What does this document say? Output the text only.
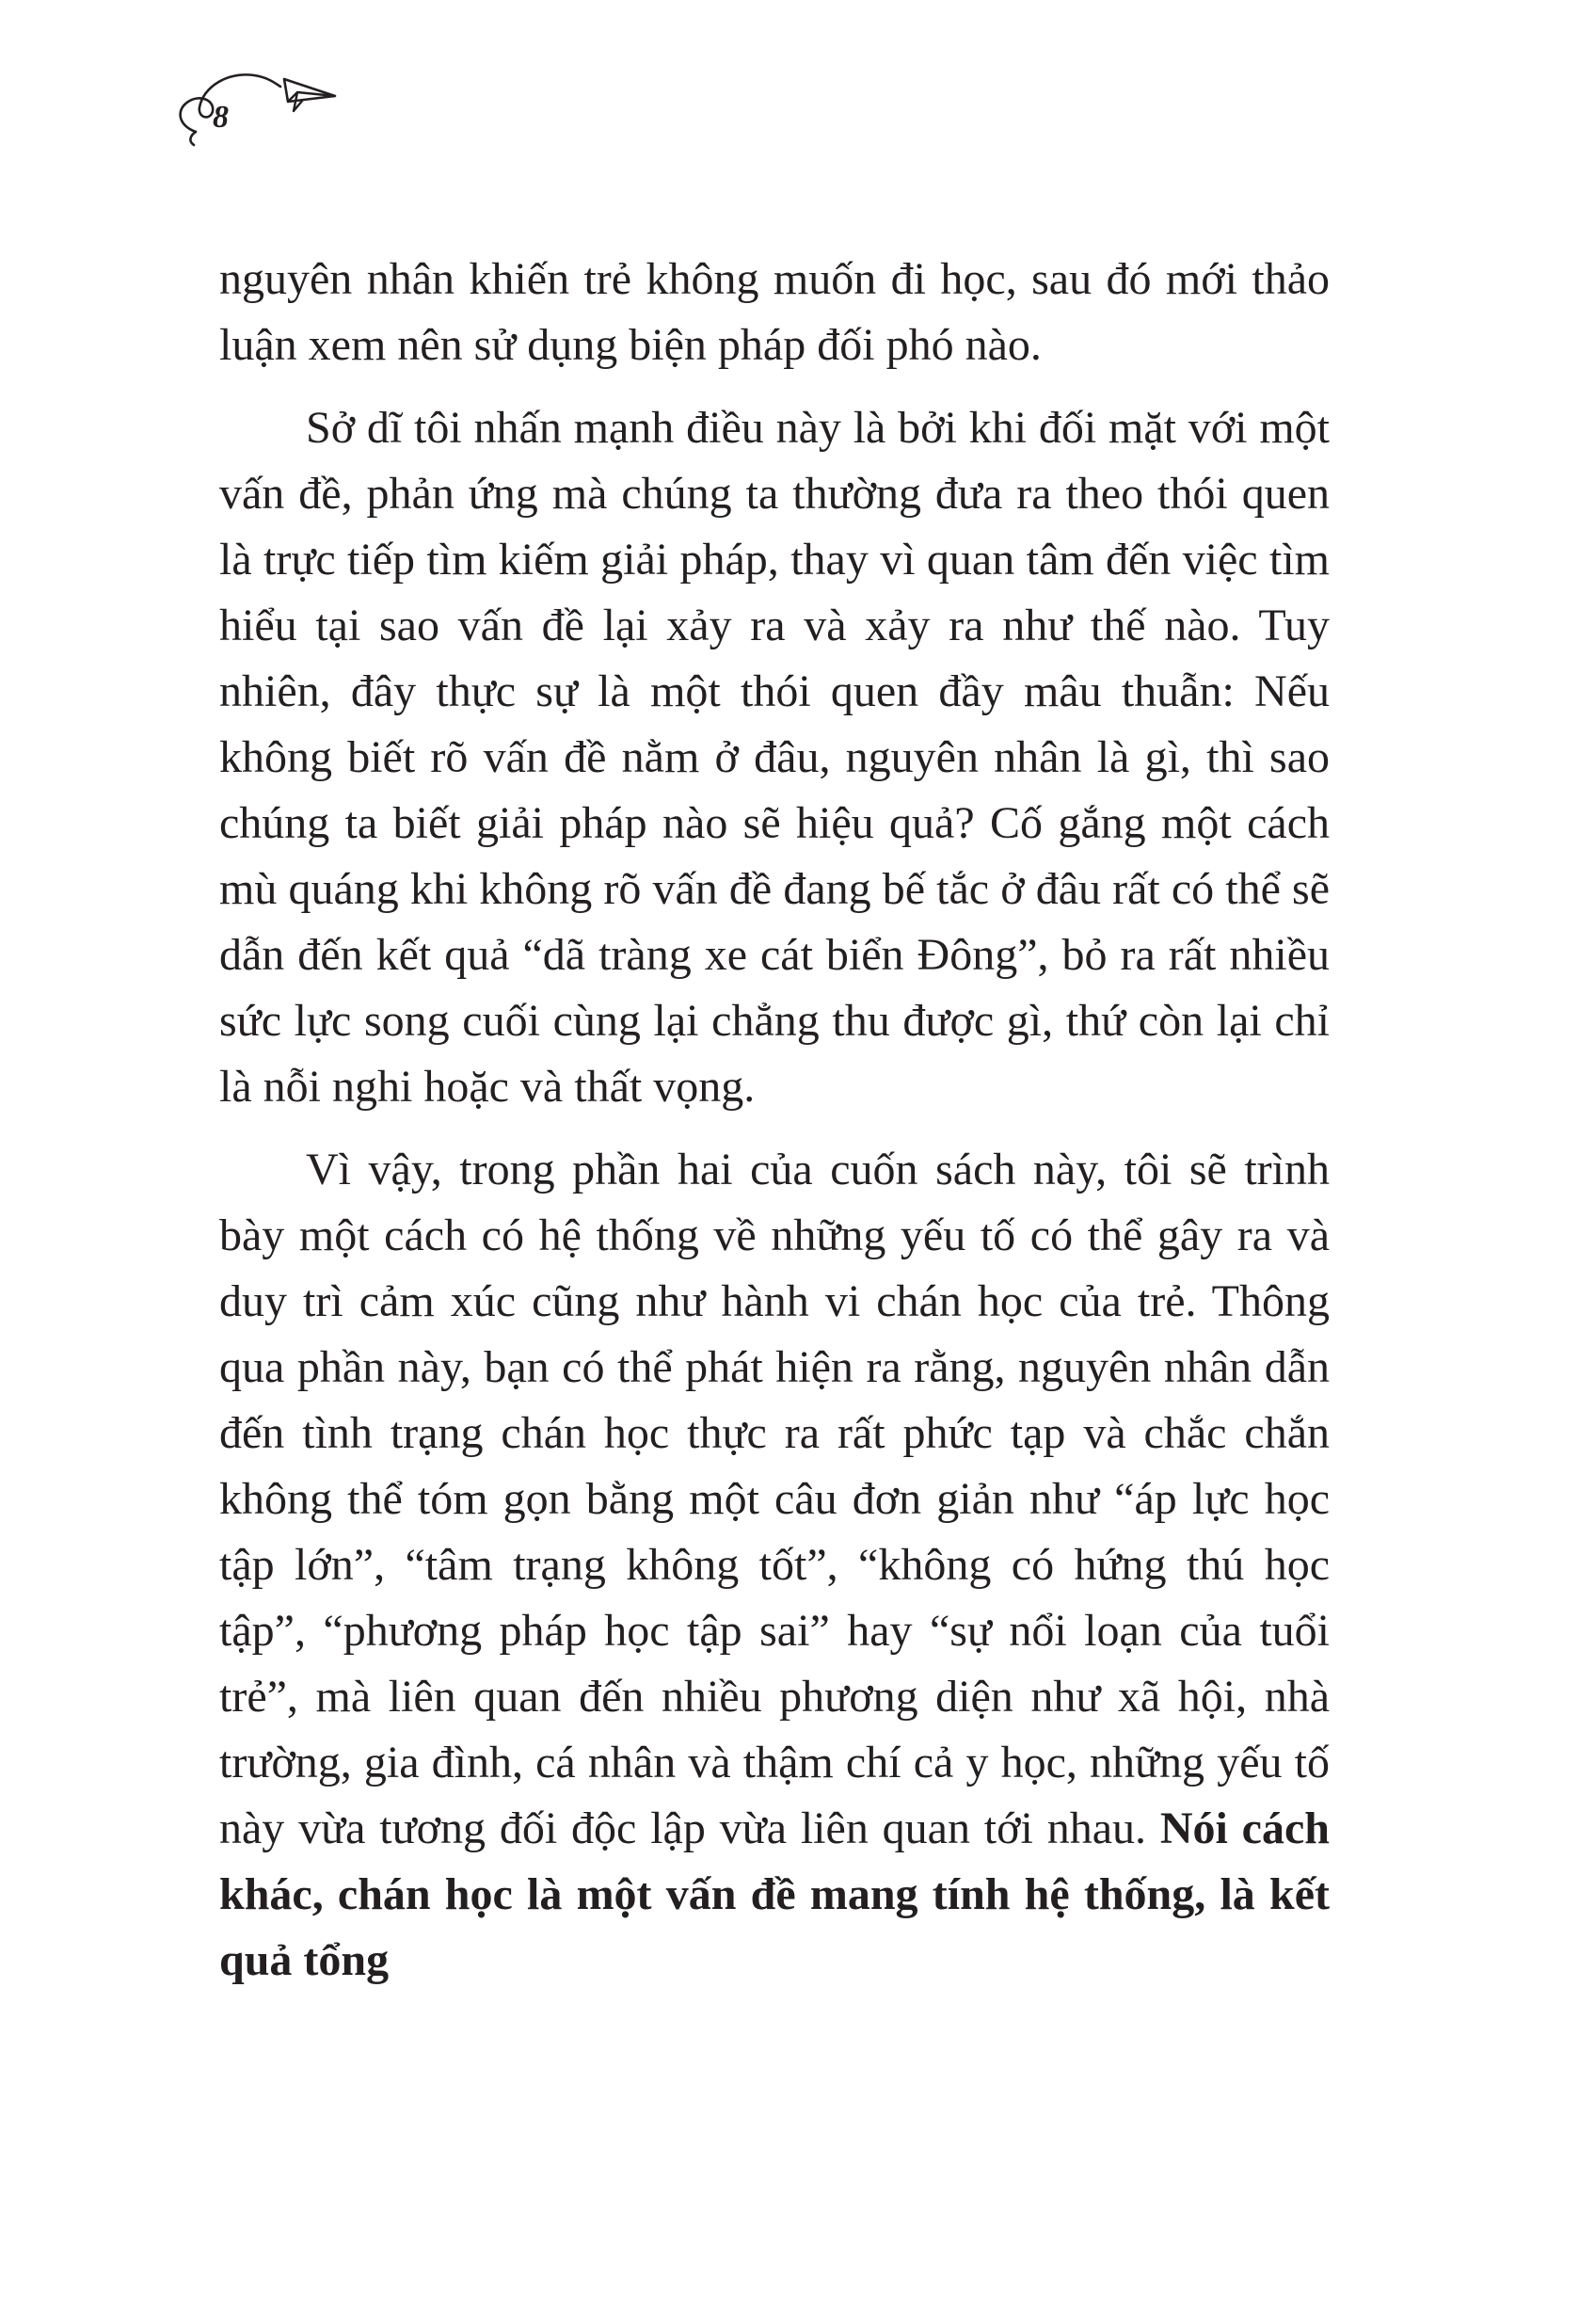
8

nguyên nhân khiến trẻ không muốn đi học, sau đó mới thảo luận xem nên sử dụng biện pháp đối phó nào.

Sở dĩ tôi nhấn mạnh điều này là bởi khi đối mặt với một vấn đề, phản ứng mà chúng ta thường đưa ra theo thói quen là trực tiếp tìm kiếm giải pháp, thay vì quan tâm đến việc tìm hiểu tại sao vấn đề lại xảy ra và xảy ra như thế nào. Tuy nhiên, đây thực sự là một thói quen đầy mâu thuẫn: Nếu không biết rõ vấn đề nằm ở đâu, nguyên nhân là gì, thì sao chúng ta biết giải pháp nào sẽ hiệu quả? Cố gắng một cách mù quáng khi không rõ vấn đề đang bế tắc ở đâu rất có thể sẽ dẫn đến kết quả “dã tràng xe cát biển Đông”, bỏ ra rất nhiều sức lực song cuối cùng lại chẳng thu được gì, thứ còn lại chỉ là nỗi nghi hoặc và thất vọng.

Vì vậy, trong phần hai của cuốn sách này, tôi sẽ trình bày một cách có hệ thống về những yếu tố có thể gây ra và duy trì cảm xúc cũng như hành vi chán học của trẻ. Thông qua phần này, bạn có thể phát hiện ra rằng, nguyên nhân dẫn đến tình trạng chán học thực ra rất phức tạp và chắc chắn không thể tóm gọn bằng một câu đơn giản như “áp lực học tập lớn”, “tâm trạng không tốt”, “không có hứng thú học tập”, “phương pháp học tập sai” hay “sự nổi loạn của tuổi trẻ”, mà liên quan đến nhiều phương diện như xã hội, nhà trường, gia đình, cá nhân và thậm chí cả y học, những yếu tố này vừa tương đối độc lập vừa liên quan tới nhau. Nói cách khác, chán học là một vấn đề mang tính hệ thống, là kết quả tổng
